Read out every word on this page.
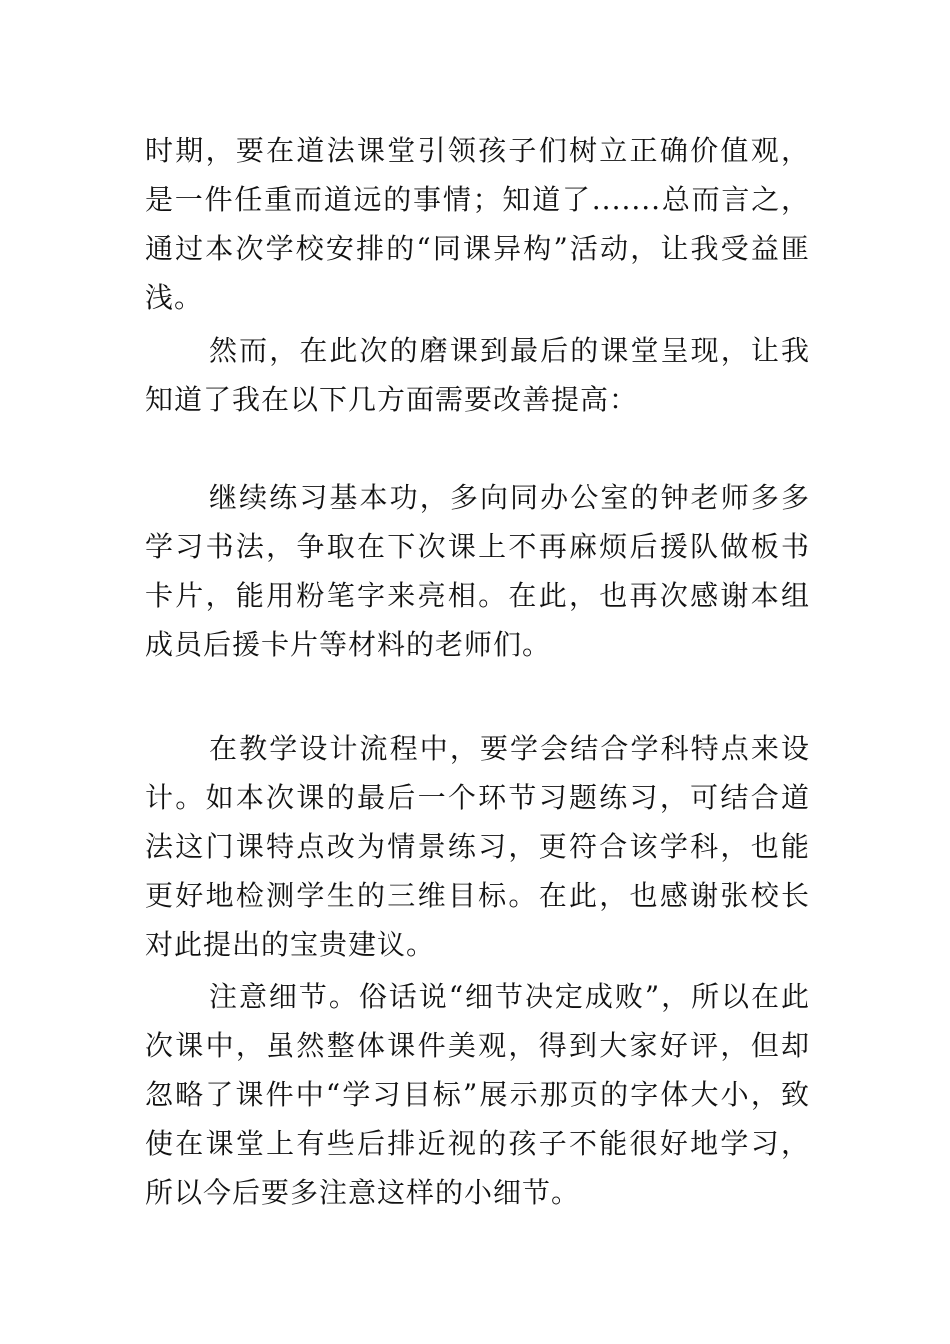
时期，要在道法课堂引领孩子们树立正确价值观，是一件任重而道远的事情；知道了.......总而言之，通过本次学校安排的“同课异构”活动，让我受益匪浅。

然而，在此次的磨课到最后的课堂呈现，让我知道了我在以下几方面需要改善提高：

继续练习基本功，多向同办公室的钟老师多多学习书法，争取在下次课上不再麻烦后援队做板书卡片，能用粉笔字来亮相。在此，也再次感谢本组成员后援卡片等材料的老师们。

在教学设计流程中，要学会结合学科特点来设计。如本次课的最后一个环节习题练习，可结合道法这门课特点改为情景练习，更符合该学科，也能更好地检测学生的三维目标。在此，也感谢张校长对此提出的宝贵建议。

注意细节。俗话说“细节决定成败”，所以在此次课中，虽然整体课件美观，得到大家好评，但却忽略了课件中“学习目标”展示那页的字体大小，致使在课堂上有些后排近视的孩子不能很好地学习，所以今后要多注意这样的小细节。
